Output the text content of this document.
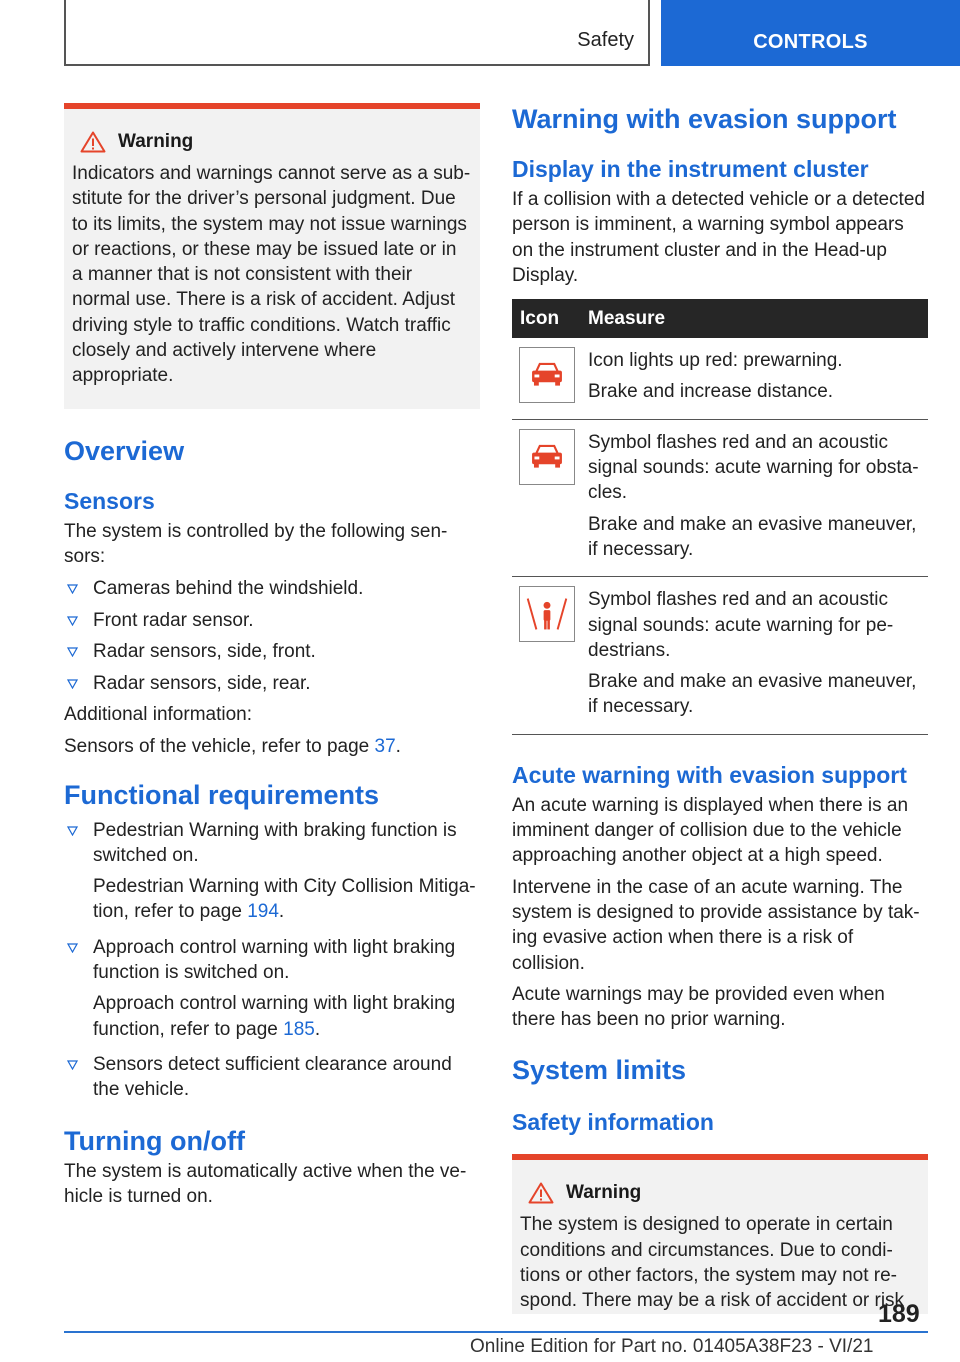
Safety	CONTROLS
Warning
Indicators and warnings cannot serve as a sub-stitute for the driver’s personal judgment. Due to its limits, the system may not issue warnings or reactions, or these may be issued late or in a manner that is not consistent with their normal use. There is a risk of accident. Adjust driving style to traffic conditions. Watch traffic closely and actively intervene where appropriate.
Overview
Sensors

The system is controlled by the following sen-sors:

Cameras behind the windshield.
Front radar sensor.
Radar sensors, side, front.
Radar sensors, side, rear.

Additional information:

Sensors of the vehicle, refer to page 37.

Functional requirements
Pedestrian Warning with braking function is switched on.
Pedestrian Warning with City Collision Mitiga-tion, refer to page 194.
Approach control warning with light braking function is switched on.
Approach control warning with light braking function, refer to page 185.
Sensors detect sufficient clearance around the vehicle.
Turning on/off

The system is automatically active when the ve-hicle is turned on.

Warning with evasion support
Display in the instrument cluster

If a collision with a detected vehicle or a detected person is imminent, a warning symbol appears on the instrument cluster and in the Head-up Display.

Icon	Measure

Icon lights up red: prewarning.
Brake and increase distance.

Symbol flashes red and an acoustic signal sounds: acute warning for obsta-cles.
Brake and make an evasive maneuver, if necessary.

Symbol flashes red and an acoustic signal sounds: acute warning for pe-destrians.
Brake and make an evasive maneuver, if necessary.
Acute warning with evasion support

An acute warning is displayed when there is an imminent danger of collision due to the vehicle approaching another object at a high speed.

Intervene in the case of an acute warning. The system is designed to provide assistance by tak-ing evasive action when there is a risk of collision.

Acute warnings may be provided even when there has been no prior warning.

System limits
Safety information
Warning
The system is designed to operate in certain conditions and circumstances. Due to condi-tions or other factors, the system may not re-spond. There may be a risk of accident or risk
189
Online Edition for Part no. 01405A38F23 - VI/21
